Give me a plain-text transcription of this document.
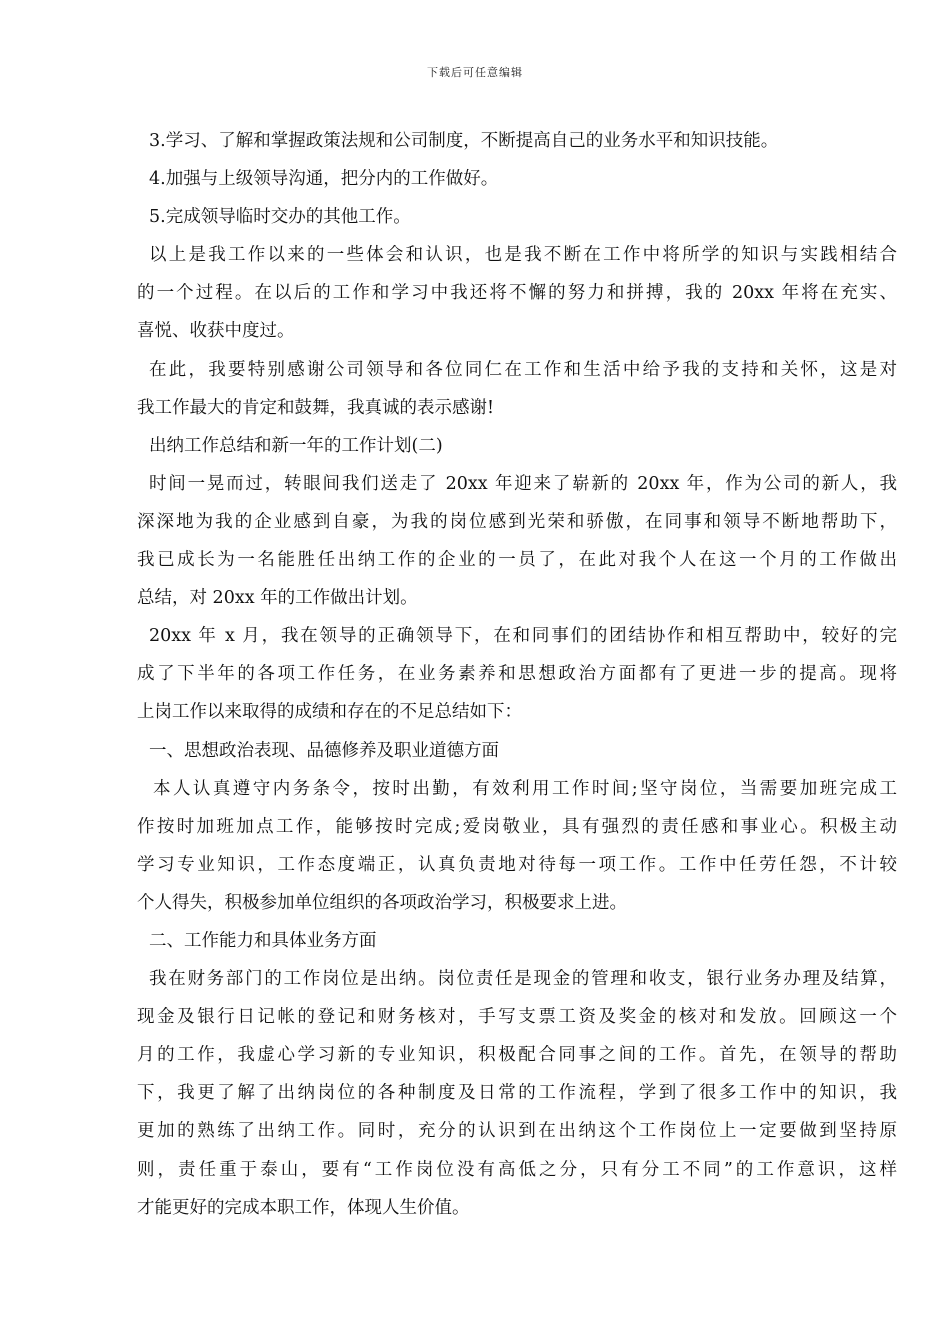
下载后可任意编辑
3.学习、了解和掌握政策法规和公司制度，不断提高自己的业务水平和知识技能。
4.加强与上级领导沟通，把分内的工作做好。
5.完成领导临时交办的其他工作。
以上是我工作以来的一些体会和认识，也是我不断在工作中将所学的知识与实践相结合
的一个过程。在以后的工作和学习中我还将不懈的努力和拼搏，我的 20xx 年将在充实、
喜悦、收获中度过。
在此，我要特别感谢公司领导和各位同仁在工作和生活中给予我的支持和关怀，这是对
我工作最大的肯定和鼓舞，我真诚的表示感谢!
出纳工作总结和新一年的工作计划(二)
时间一晃而过，转眼间我们送走了 20xx 年迎来了崭新的 20xx 年，作为公司的新人，我
深深地为我的企业感到自豪，为我的岗位感到光荣和骄傲，在同事和领导不断地帮助下，
我已成长为一名能胜任出纳工作的企业的一员了，在此对我个人在这一个月的工作做出
总结，对 20xx 年的工作做出计划。
20xx 年 x 月，我在领导的正确领导下，在和同事们的团结协作和相互帮助中，较好的完
成了下半年的各项工作任务，在业务素养和思想政治方面都有了更进一步的提高。现将
上岗工作以来取得的成绩和存在的不足总结如下：
一、思想政治表现、品德修养及职业道德方面
本人认真遵守内务条令，按时出勤，有效利用工作时间;坚守岗位，当需要加班完成工
作按时加班加点工作，能够按时完成;爱岗敬业，具有强烈的责任感和事业心。积极主动
学习专业知识，工作态度端正，认真负责地对待每一项工作。工作中任劳任怨，不计较
个人得失，积极参加单位组织的各项政治学习，积极要求上进。
二、工作能力和具体业务方面
我在财务部门的工作岗位是出纳。岗位责任是现金的管理和收支，银行业务办理及结算，
现金及银行日记帐的登记和财务核对，手写支票工资及奖金的核对和发放。回顾这一个
月的工作，我虚心学习新的专业知识，积极配合同事之间的工作。首先，在领导的帮助
下，我更了解了出纳岗位的各种制度及日常的工作流程，学到了很多工作中的知识，我
更加的熟练了出纳工作。同时，充分的认识到在出纳这个工作岗位上一定要做到坚持原
则，责任重于泰山，要有“工作岗位没有高低之分，只有分工不同”的工作意识，这样
才能更好的完成本职工作，体现人生价值。
